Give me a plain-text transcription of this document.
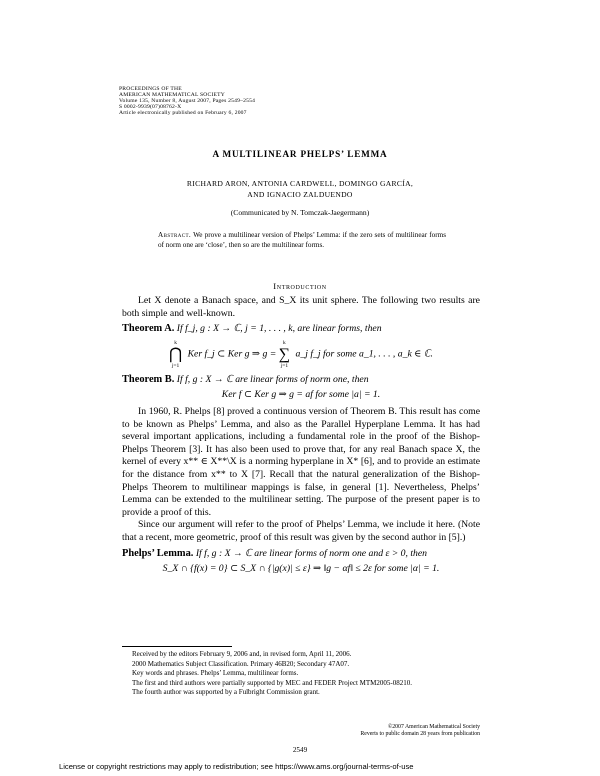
PROCEEDINGS OF THE
AMERICAN MATHEMATICAL SOCIETY
Volume 135, Number 8, August 2007, Pages 2549–2554
S 0002-9939(07)08762-X
Article electronically published on February 6, 2007
A MULTILINEAR PHELPS’ LEMMA
RICHARD ARON, ANTONIA CARDWELL, DOMINGO GARCÍA,
AND IGNACIO ZALDUENDO
(Communicated by N. Tomczak-Jaegermann)
Abstract. We prove a multilinear version of Phelps’ Lemma: if the zero sets of multilinear forms of norm one are ‘close’, then so are the multilinear forms.
Introduction

Let X denote a Banach space, and S_X its unit sphere. The following two results are both simple and well-known.

Theorem A. If f_j, g : X → ℂ, j = 1, . . . , k, are linear forms, then
k
⋂
j=1
Ker f_j ⊂ Ker g ⇒ g =
k
∑
j=1
a_j f_j for some a_1, . . . , a_k ∈ ℂ.
Theorem B. If f, g : X → ℂ are linear forms of norm one, then
Ker f ⊂ Ker g ⇒ g = af for some |a| = 1.

In 1960, R. Phelps [8] proved a continuous version of Theorem B. This result has come to be known as Phelps’ Lemma, and also as the Parallel Hyperplane Lemma. It has had several important applications, including a fundamental role in the proof of the Bishop-Phelps Theorem [3]. It has also been used to prove that, for any real Banach space X, the kernel of every x** ∈ X**\X is a norming hyperplane in X* [6], and to provide an estimate for the distance from x** to X [7]. Recall that the natural generalization of the Bishop-Phelps Theorem to multilinear mappings is false, in general [1]. Nevertheless, Phelps’ Lemma can be extended to the multilinear setting. The purpose of the present paper is to provide a proof of this.

Since our argument will refer to the proof of Phelps’ Lemma, we include it here. (Note that a recent, more geometric, proof of this result was given by the second author in [5].)

Phelps’ Lemma. If f, g : X → ℂ are linear forms of norm one and ε > 0, then
S_X ∩ {f(x) = 0} ⊂ S_X ∩ {|g(x)| ≤ ε} ⇒ ‖g − αf‖ ≤ 2ε for some |α| = 1.

Received by the editors February 9, 2006 and, in revised form, April 11, 2006.

2000 Mathematics Subject Classification. Primary 46B20; Secondary 47A07.

Key words and phrases. Phelps’ Lemma, multilinear forms.

The first and third authors were partially supported by MEC and FEDER Project MTM2005-08210.

The fourth author was supported by a Fulbright Commission grant.

©2007 American Mathematical Society
Reverts to public domain 28 years from publication
2549
License or copyright restrictions may apply to redistribution; see https://www.ams.org/journal-terms-of-use
